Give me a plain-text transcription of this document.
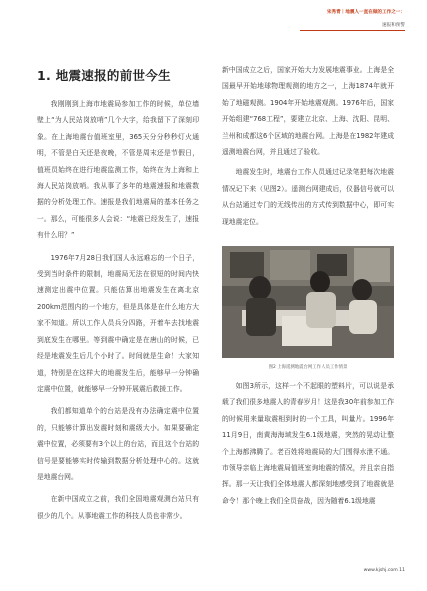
宋秀青｜地震人一直在做的工作之一：
速报和预警
1. 地震速报的前世今生

我刚刚到上海市地震局参加工作的时候，单位墙壁上“为人民站岗放哨”几个大字，给我留下了深刻印象。在上海地震台值班室里，365天分分秒秒灯火通明，不管是白天还是夜晚，不管是周末还是节假日，值班员始终在进行地震监测工作，始终在为上海和上海人民站岗放哨。我从事了多年的地震速报和地震数据的分析处理工作。速报是我们地震局的基本任务之一。那么，可能很多人会说：“地震已经发生了，速报有什么用？”

1976年7月28日我们国人永远难忘的一个日子，受到当时条件的限制，地震局无法在很短的时间内快速测定出震中位置。只能估算出地震发生在离北京200km范围内的一个地方，但是具体是在什么地方大家不知道。所以工作人员兵分四路，开着车去找地震到底发生在哪里。等到震中确定是在唐山的时候，已经是地震发生后几个小时了。时间就是生命！大家知道，特别是在这样大的地震发生后，能够早一分钟确定震中位置，就能够早一分钟开展震后救援工作。

我们都知道单个的台站是没有办法确定震中位置的，只能够计算出发震时刻和震级大小。如果要确定震中位置，必须要有3个以上的台站，而且这个台站的信号是要能够实时传输到数据分析处理中心的。这就是地震台网。

在新中国成立之前，我们全国地震观测台站只有很少的几个。从事地震工作的科技人员也非常少。

新中国成立之后，国家开始大力发展地震事业。上海是全国最早开始地球物理观测的地方之一，上海1874年就开始了地磁观测。1904年开始地震观测。1976年后，国家开始组建“768工程”，要建立北京、上海、沈阳、昆明、兰州和成都这6个区域的地震台网。上海是在1982年建成遥测地震台网，并且通过了验收。

地震发生时，地震台工作人员通过记录笔把每次地震情况记下来（见图2）。遥测台网建成后，仪器信号就可以从台站通过专门的无线传出的方式传到数据中心，即可实现地震定位。

图2 上海遥测地震台网工作人员工作情景

如图3所示，这样一个不起眼的塑料片，可以说是承载了我们很多地震人的青春岁月！这是我30年前参加工作的时候用来量取震相到时的一个工具，叫量片。1996年11月9日，南黄海海域发生6.1级地震，突然的晃动让整个上海都沸腾了。老百姓将地震局的大门围得水泄不通。市领导亲临上海地震局值班室询地震的情况，并且亲自指挥。那一天让我们全体地震人都深刻地感受到了地震就是命令！那个晚上我们全员奋战，因为随着6.1级地震

www.kjshj.com 11
